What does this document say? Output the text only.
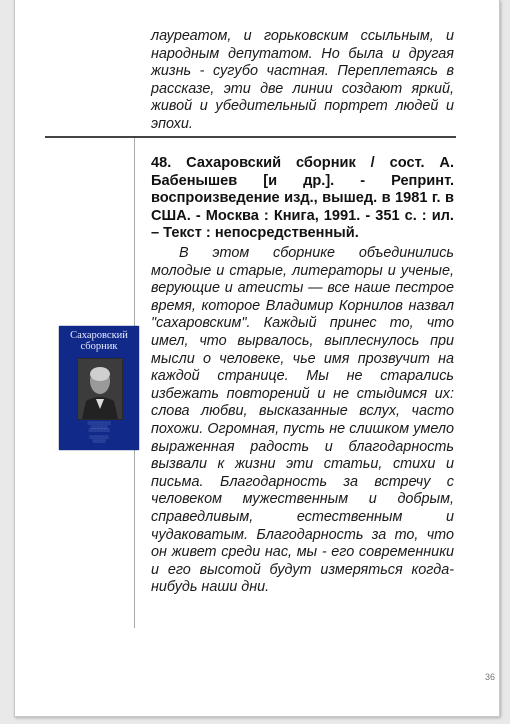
лауреатом, и горьковским ссыльным, и народным депутатом. Но была и другая жизнь - сугубо частная. Переплетаясь в рассказе, эти две линии создают яркий, живой и убедительный портрет людей и эпохи.

Сахаровский
сборник
░░░░░░░░░░░
░░░░░░░░
░░░░░░░░░░

░░░░░░░░░
░░░░░░

48. Сахаровский сборник / сост. А. Бабенышев [и др.]. - Репринт. воспроизведение изд., вышед. в 1981 г. в США. - Москва : Книга, 1991. - 351 с. : ил. – Текст : непосредственный.

В этом сборнике объединились молодые и старые, литераторы и ученые, верующие и атеисты — все наше пестрое время, которое Владимир Корнилов назвал "сахаровским". Каждый принес то, что имел, что вырвалось, выплеснулось при мысли о человеке, чье имя прозвучит на каждой странице. Мы не старались избежать повторений и не стыдимся их: слова любви, высказанные вслух, часто похожи. Огромная, пусть не слишком умело выраженная радость и благодарность вызвали к жизни эти статьи, стихи и письма. Благодарность за встречу с человеком мужественным и добрым, справедливым, естественным и чудаковатым. Благодарность за то, что он живет среди нас, мы - его современники и его высотой будут измеряться когда-нибудь наши дни.

36
